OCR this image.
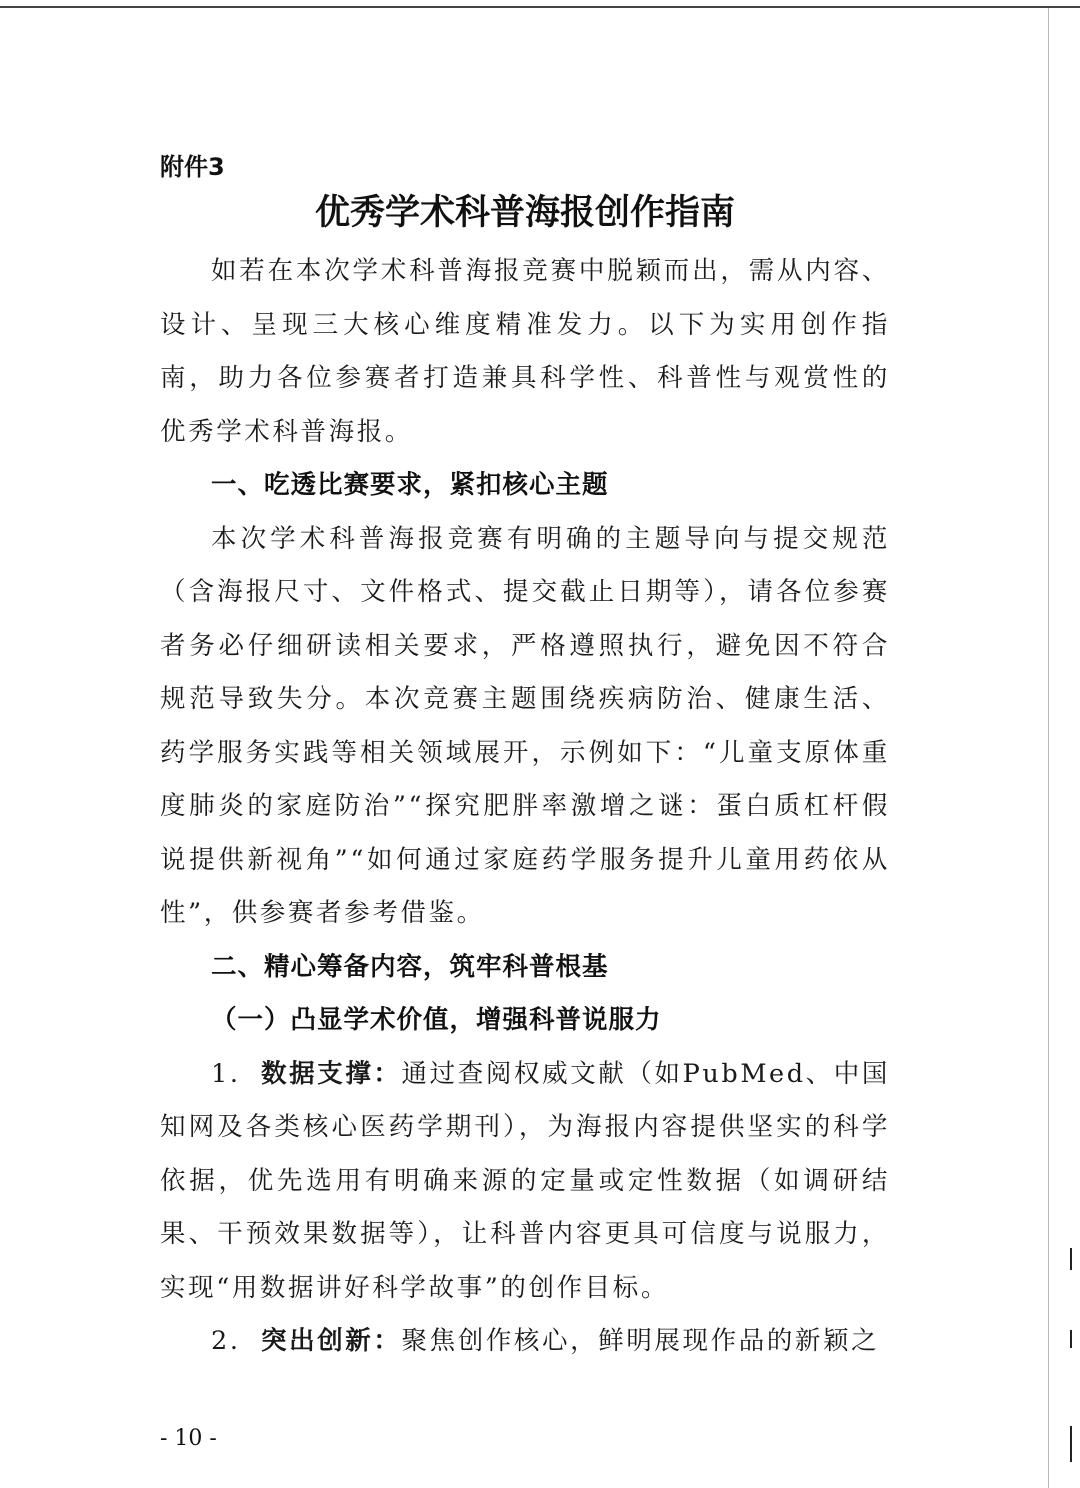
附件3
优秀学术科普海报创作指南

如若在本次学术科普海报竞赛中脱颖而出，需从内容、设计、呈现三大核心维度精准发力。以下为实用创作指南，助力各位参赛者打造兼具科学性、科普性与观赏性的优秀学术科普海报。

一、吃透比赛要求，紧扣核心主题

本次学术科普海报竞赛有明确的主题导向与提交规范（含海报尺寸、文件格式、提交截止日期等），请各位参赛者务必仔细研读相关要求，严格遵照执行，避免因不符合规范导致失分。本次竞赛主题围绕疾病防治、健康生活、药学服务实践等相关领域展开，示例如下：“儿童支原体重度肺炎的家庭防治”“探究肥胖率激增之谜：蛋白质杠杆假说提供新视角”“如何通过家庭药学服务提升儿童用药依从性”，供参赛者参考借鉴。

二、精心筹备内容，筑牢科普根基

（一）凸显学术价值，增强科普说服力

1. 数据支撑：通过查阅权威文献（如PubMed、中国知网及各类核心医药学期刊），为海报内容提供坚实的科学依据，优先选用有明确来源的定量或定性数据（如调研结果、干预效果数据等），让科普内容更具可信度与说服力，实现“用数据讲好科学故事”的创作目标。

2. 突出创新：聚焦创作核心，鲜明展现作品的新颖之

- 10 -
